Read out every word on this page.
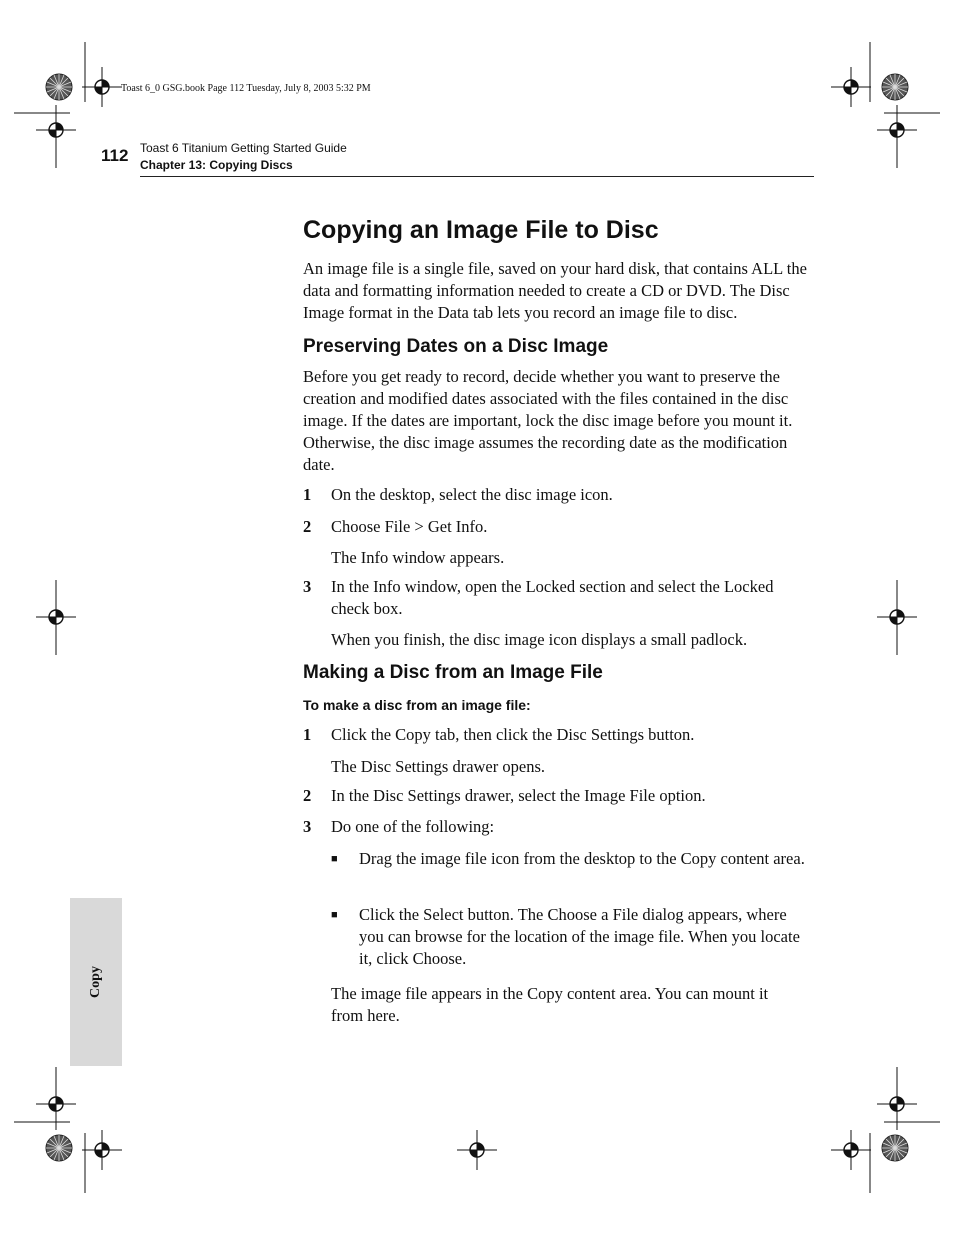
Toast 6_0 GSG.book Page 112 Tuesday, July 8, 2003 5:32 PM
112 Toast 6 Titanium Getting Started Guide
Chapter 13: Copying Discs
Copying an Image File to Disc
An image file is a single file, saved on your hard disk, that contains ALL the data and formatting information needed to create a CD or DVD. The Disc Image format in the Data tab lets you record an image file to disc.
Preserving Dates on a Disc Image
Before you get ready to record, decide whether you want to preserve the creation and modified dates associated with the files contained in the disc image. If the dates are important, lock the disc image before you mount it. Otherwise, the disc image assumes the recording date as the modification date.
1 On the desktop, select the disc image icon.
2 Choose File > Get Info.
The Info window appears.
3 In the Info window, open the Locked section and select the Locked check box.
When you finish, the disc image icon displays a small padlock.
Making a Disc from an Image File
To make a disc from an image file:
1 Click the Copy tab, then click the Disc Settings button.
The Disc Settings drawer opens.
2 In the Disc Settings drawer, select the Image File option.
3 Do one of the following:
■ Drag the image file icon from the desktop to the Copy content area.
■ Click the Select button. The Choose a File dialog appears, where you can browse for the location of the image file. When you locate it, click Choose.
The image file appears in the Copy content area. You can mount it from here.
Copy
